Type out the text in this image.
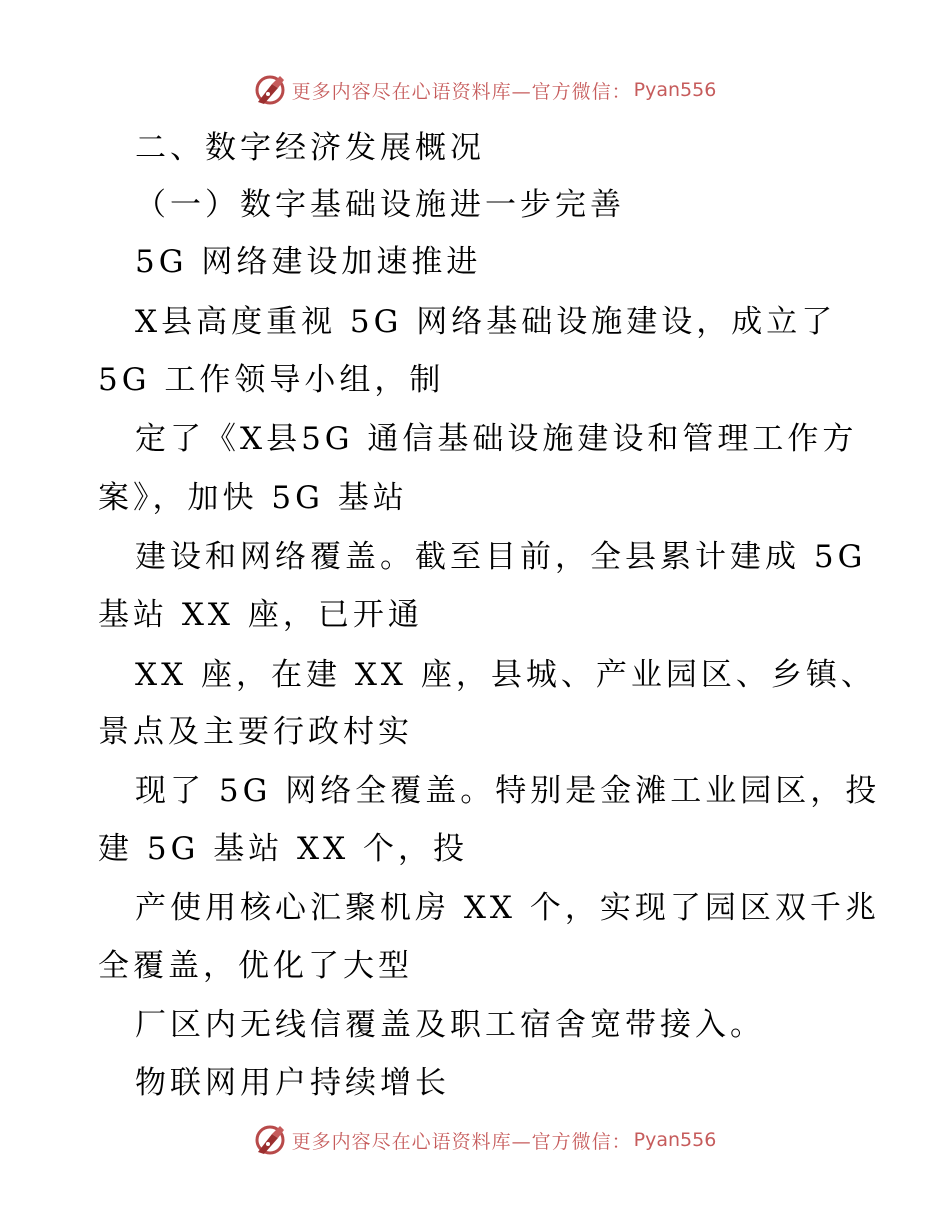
更多内容尽在心语资料库—官方微信： Pyan556
二、数字经济发展概况
（一）数字基础设施进一步完善
5G 网络建设加速推进
X县高度重视 5G 网络基础设施建设，成立了
5G 工作领导小组，制
定了《X县5G 通信基础设施建设和管理工作方
案》，加快 5G 基站
建设和网络覆盖。截至目前，全县累计建成 5G
基站 XX 座，已开通
XX 座，在建 XX 座，县城、产业园区、乡镇、
景点及主要行政村实
现了 5G 网络全覆盖。特别是金滩工业园区，投
建 5G 基站 XX 个，投
产使用核心汇聚机房 XX 个，实现了园区双千兆
全覆盖，优化了大型
厂区内无线信覆盖及职工宿舍宽带接入。
物联网用户持续增长
更多内容尽在心语资料库—官方微信： Pyan556
